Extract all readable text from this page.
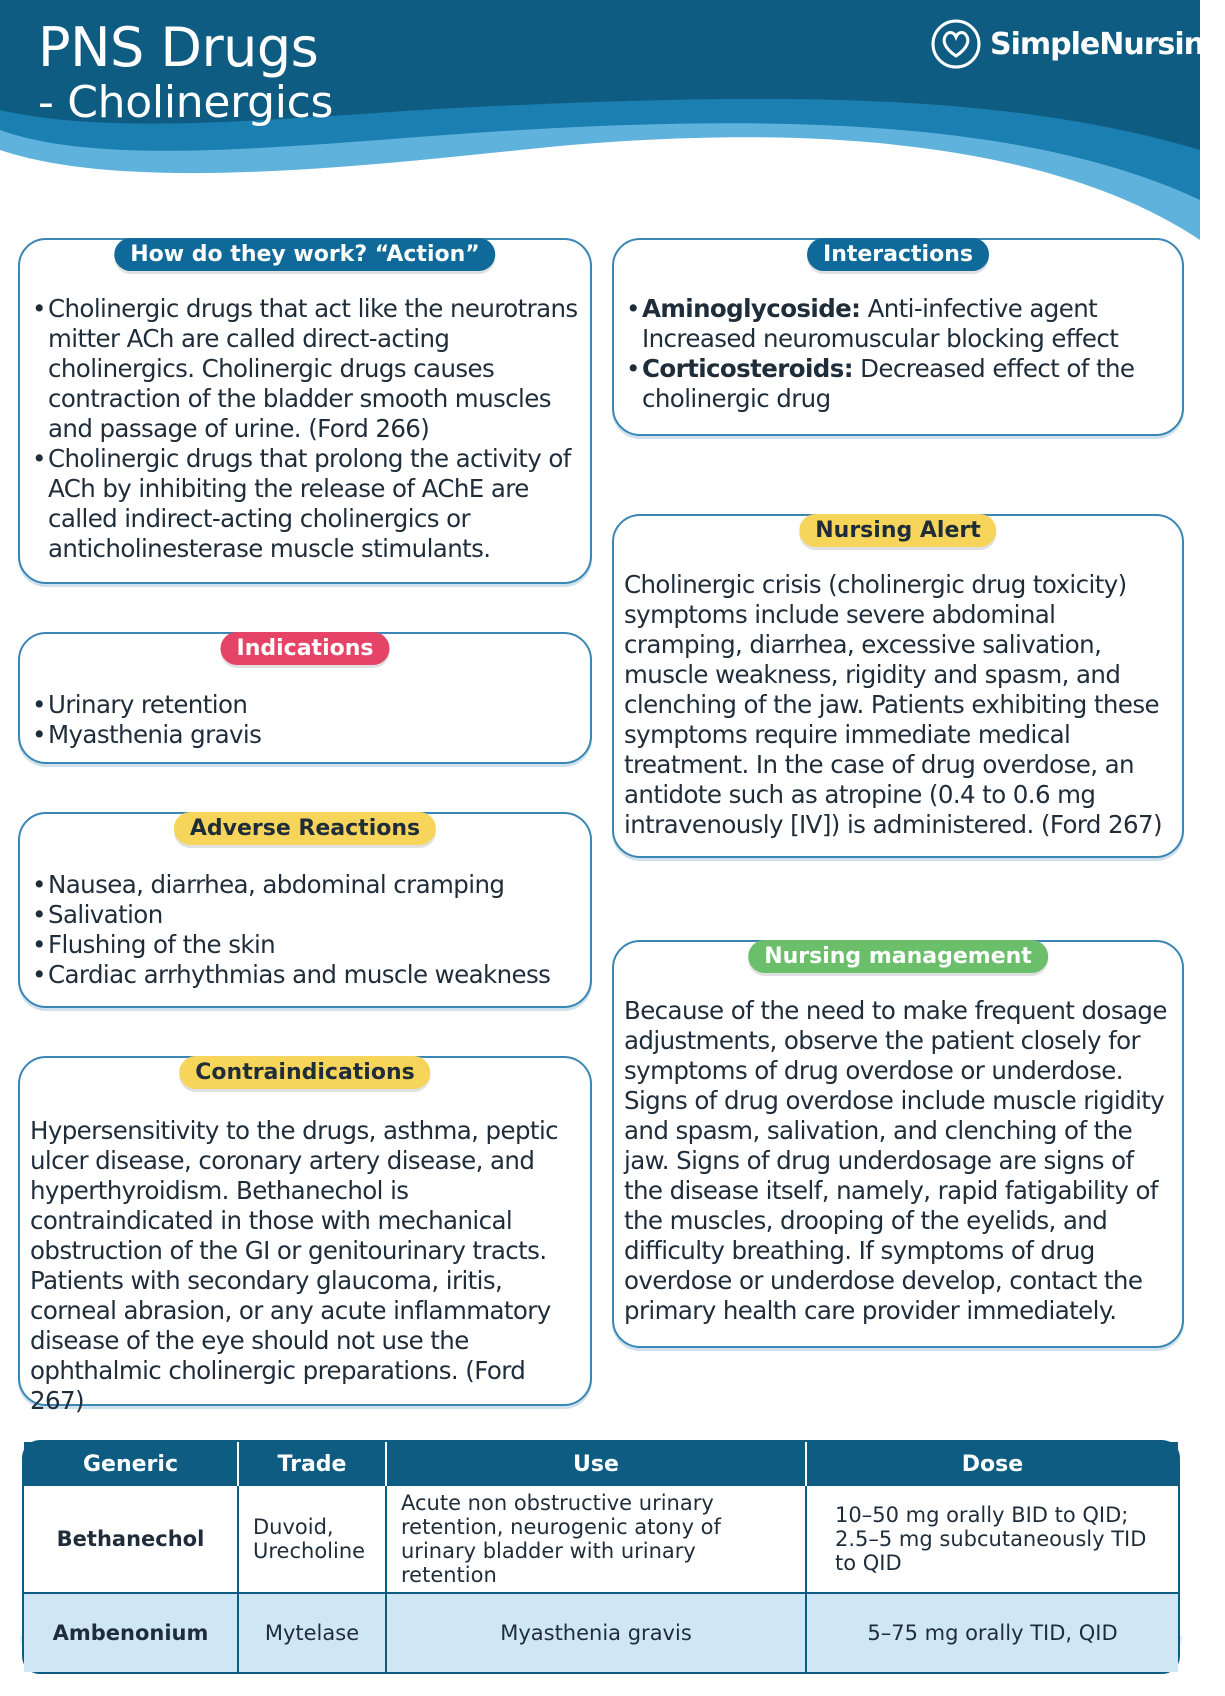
PNS Drugs
- Cholinergics
SimpleNursing
How do they work? “Action”
• Cholinergic drugs that act like the neurotrans mitter ACh are called direct-acting cholinergics. Cholinergic drugs causes contraction of the bladder smooth muscles and passage of urine. (Ford 266)
• Cholinergic drugs that prolong the activity of ACh by inhibiting the release of AChE are called indirect-acting cholinergics or anticholinesterase muscle stimulants.
Indications
• Urinary retention
• Myasthenia gravis
Adverse Reactions
• Nausea, diarrhea, abdominal cramping
• Salivation
• Flushing of the skin
• Cardiac arrhythmias and muscle weakness
Contraindications
Hypersensitivity to the drugs, asthma, peptic ulcer disease, coronary artery disease, and hyperthyroidism. Bethanechol is contraindicated in those with mechanical obstruction of the GI or genitourinary tracts. Patients with secondary glaucoma, iritis, corneal abrasion, or any acute inflammatory disease of the eye should not use the ophthalmic cholinergic preparations. (Ford 267)
Interactions
• Aminoglycoside: Anti-infective agent Increased neuromuscular blocking effect
• Corticosteroids: Decreased effect of the cholinergic drug
Nursing Alert
Cholinergic crisis (cholinergic drug toxicity) symptoms include severe abdominal cramping, diarrhea, excessive salivation, muscle weakness, rigidity and spasm, and clenching of the jaw. Patients exhibiting these symptoms require immediate medical treatment. In the case of drug overdose, an antidote such as atropine (0.4 to 0.6 mg intravenously [IV]) is administered. (Ford 267)
Nursing management
Because of the need to make frequent dosage adjustments, observe the patient closely for symptoms of drug overdose or underdose. Signs of drug overdose include muscle rigidity and spasm, salivation, and clenching of the jaw. Signs of drug underdosage are signs of the disease itself, namely, rapid fatigability of the muscles, drooping of the eyelids, and difficulty breathing. If symptoms of drug overdose or underdose develop, contact the primary health care provider immediately.
Generic	Trade	Use	Dose
Bethanechol	Duvoid, Urecholine	Acute non obstructive urinary retention, neurogenic atony of urinary bladder with urinary retention	10–50 mg orally BID to QID; 2.5–5 mg subcutaneously TID to QID
Ambenonium	Mytelase	Myasthenia gravis	5–75 mg orally TID, QID
